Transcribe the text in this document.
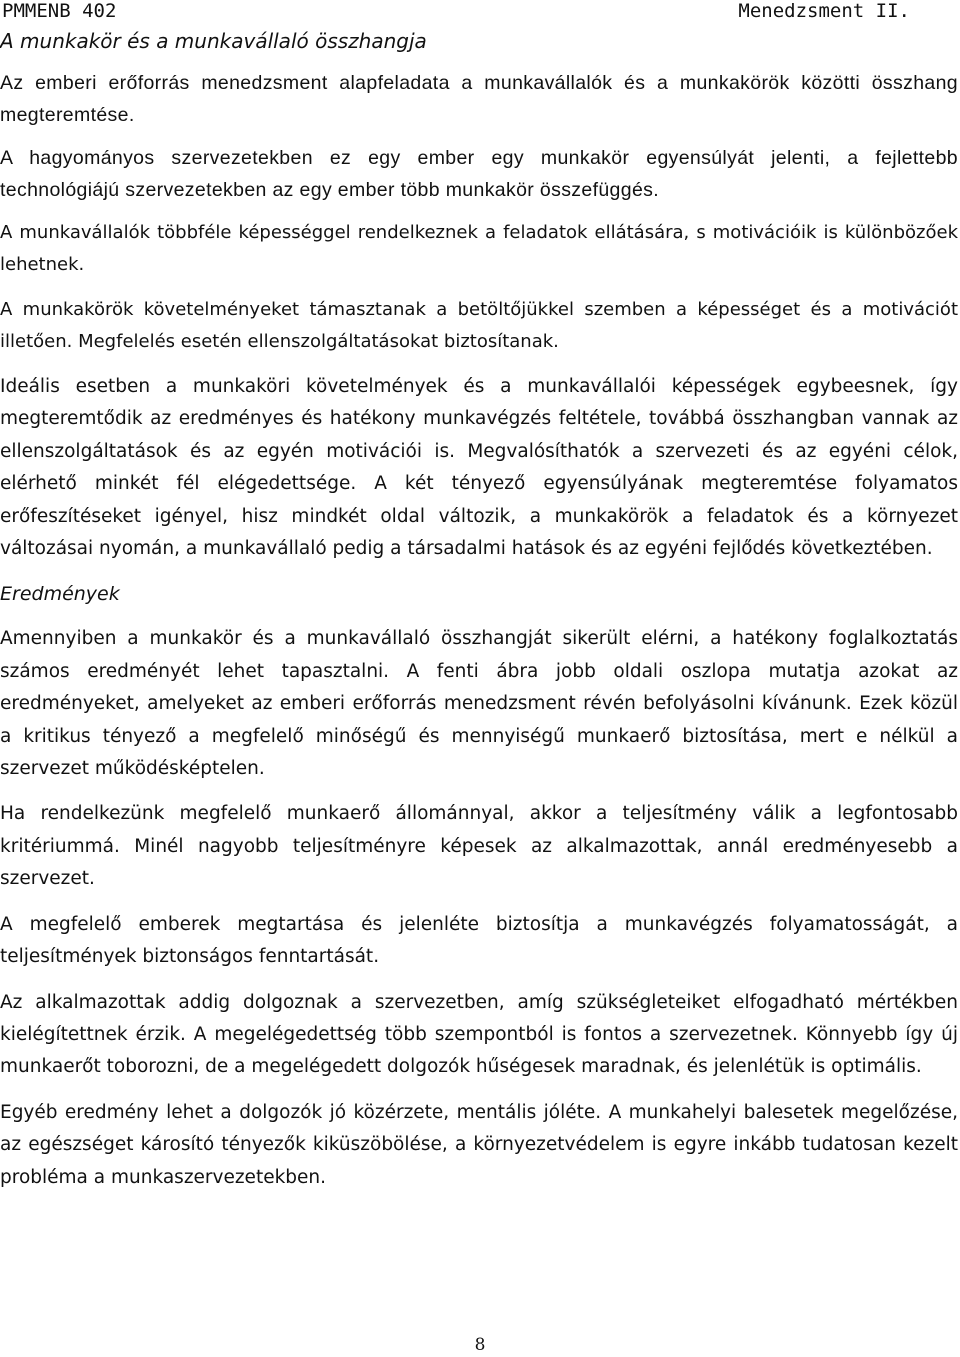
PMMENB 402	Menedzsment II.
A munkakör és a munkavállaló összhangja

Az emberi erőforrás menedzsment alapfeladata a munkavállalók és a munkakörök közötti összhang megteremtése.

A hagyományos szervezetekben ez egy ember egy munkakör egyensúlyát jelenti, a fejlettebb technológiájú szervezetekben az egy ember több munkakör összefüggés.

A munkavállalók többféle képességgel rendelkeznek a feladatok ellátására, s motivációik is különbözőek lehetnek.

A munkakörök követelményeket támasztanak a betöltőjükkel szemben a képességet és a motivációt illetően. Megfelelés esetén ellenszolgáltatásokat biztosítanak.

Ideális esetben a munkaköri követelmények és a munkavállalói képességek egybeesnek, így megteremtődik az eredményes és hatékony munkavégzés feltétele, továbbá összhangban vannak az ellenszolgáltatások és az egyén motivációi is. Megvalósíthatók a szervezeti és az egyéni célok, elérhető minkét fél elégedettsége. A két tényező egyensúlyának megteremtése folyamatos erőfeszítéseket igényel, hisz mindkét oldal változik, a munkakörök a feladatok és a környezet változásai nyomán, a munkavállaló pedig a társadalmi hatások és az egyéni fejlődés következtében.

Eredmények

Amennyiben a munkakör és a munkavállaló összhangját sikerült elérni, a hatékony foglalkoztatás számos eredményét lehet tapasztalni. A fenti ábra jobb oldali oszlopa mutatja azokat az eredményeket, amelyeket az emberi erőforrás menedzsment révén befolyásolni kívánunk. Ezek közül a kritikus tényező a megfelelő minőségű és mennyiségű munkaerő biztosítása, mert e nélkül a szervezet működésképtelen.

Ha rendelkezünk megfelelő munkaerő állománnyal, akkor a teljesítmény válik a legfontosabb kritériummá. Minél nagyobb teljesítményre képesek az alkalmazottak, annál eredményesebb a szervezet.

A megfelelő emberek megtartása és jelenléte biztosítja a munkavégzés folyamatosságát, a teljesítmények biztonságos fenntartását.

Az alkalmazottak addig dolgoznak a szervezetben, amíg szükségleteiket elfogadható mértékben kielégítettnek érzik. A megelégedettség több szempontból is fontos a szervezetnek. Könnyebb így új munkaerőt toborozni, de a megelégedett dolgozók hűségesek maradnak, és jelenlétük is optimális.

Egyéb eredmény lehet a dolgozók jó közérzete, mentális jóléte. A munkahelyi balesetek megelőzése, az egészséget károsító tényezők kiküszöbölése, a környezetvédelem is egyre inkább tudatosan kezelt probléma a munkaszervezetekben.

8
